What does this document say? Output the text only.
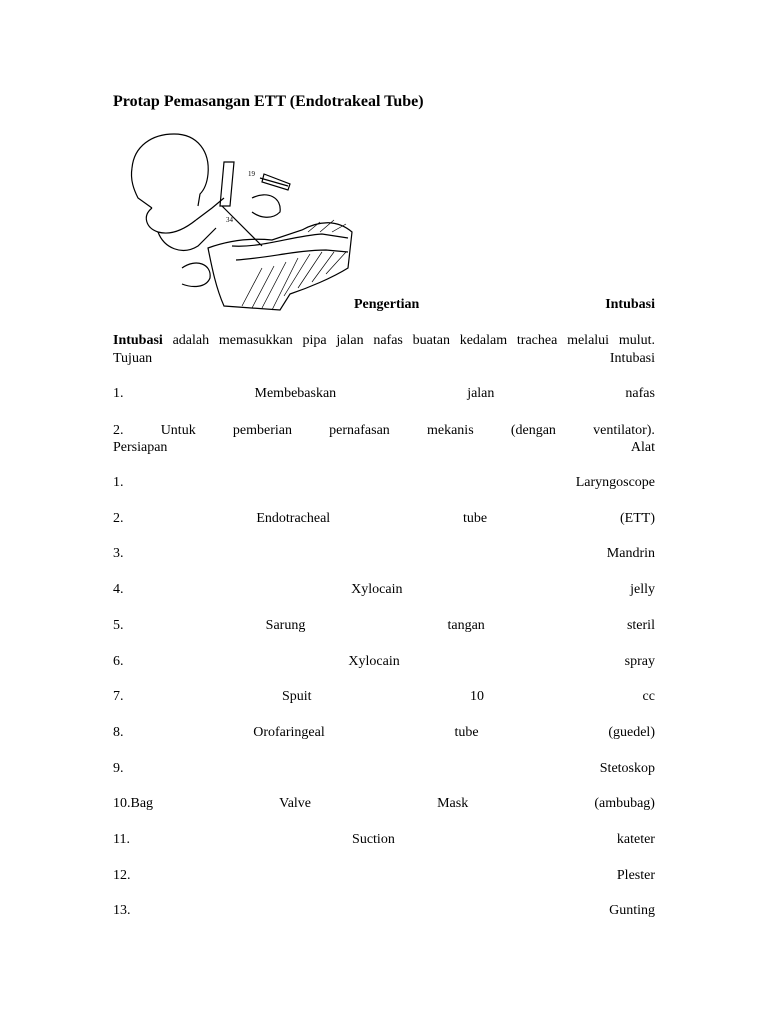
Protap Pemasangan ETT (Endotrakeal Tube)
19
34
Pengertian	Intubasi
Intubasi adalah memasukkan pipa jalan nafas buatan kedalam trachea melalui mulut.
Tujuan	Intubasi
1.	Membebaskan	jalan	nafas
2.	Untuk	pemberian	pernafasan	mekanis	(dengan	ventilator).
Persiapan	Alat
1.	Laryngoscope
2.	Endotracheal	tube	(ETT)
3.	Mandrin
4.	Xylocain	jelly
5.	Sarung	tangan	steril
6.	Xylocain	spray
7.	Spuit	10	cc
8.	Orofaringeal	tube	(guedel)
9.	Stetoskop
10.Bag	Valve	Mask	(ambubag)
11.	Suction	kateter
12.	Plester
13.	Gunting
